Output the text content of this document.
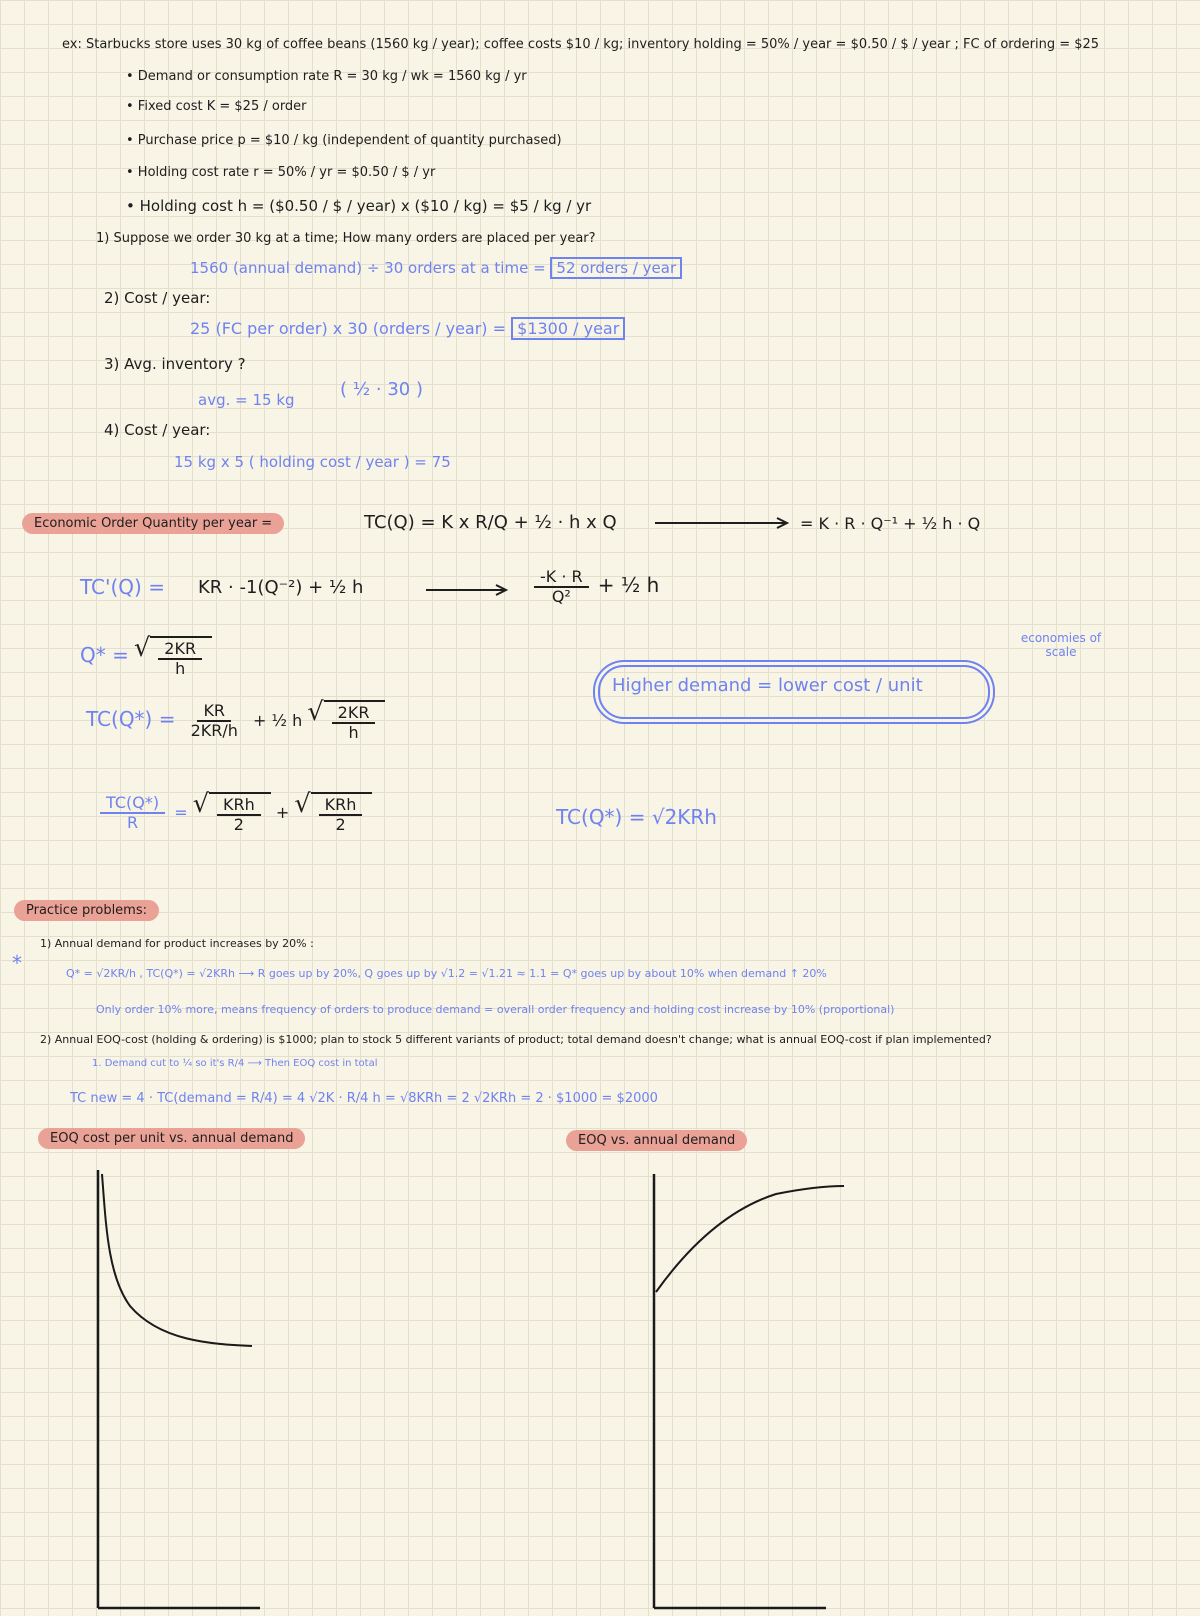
ex: Starbucks store uses 30 kg of coffee beans (1560 kg / year); coffee costs $10 / kg; inventory holding = 50% / year = $0.50 / $ / year ; FC of ordering = $25
• Demand or consumption rate R = 30 kg / wk = 1560 kg / yr
• Fixed cost K = $25 / order
• Purchase price p = $10 / kg (independent of quantity purchased)
• Holding cost rate r = 50% / yr = $0.50 / $ / yr
• Holding cost h = ($0.50 / $ / year) x ($10 / kg) = $5 / kg / yr
1) Suppose we order 30 kg at a time; How many orders are placed per year?
1560 (annual demand) ÷ 30 orders at a time = 52 orders / year
2) Cost / year:
25 (FC per order) x 30 (orders / year) = $1300 / year
3) Avg. inventory ?
avg. = 15 kg	( ½ · 30 )
4) Cost / year:
15 kg x 5 ( holding cost / year ) = 75
Economic Order Quantity per year =	TC(Q) = K x R/Q + ½ · h x Q	= K · R · Q⁻¹ + ½ h · Q
TC'(Q) = KR · -1(Q⁻²) + ½ h	$\frac{-K \cdot R}{\text{Q²}}$ + ½ h
Q* = √ $\frac{2KR}{h}$
$TC(Q*) = \frac{KR}{2KR/h}$ + ½ h √ $\frac{2KR}{h}$
$\frac{TC(Q*)}{R}$ = √ $\frac{\text{KRh}}{2}$ + √ $\frac{\text{KRh}}{2}$	TC(Q*) = √2KRh
Higher demand = lower cost / unit
economies of scale
Practice problems:
1) Annual demand for product increases by 20% :
*	Q* = √2KR/h , TC(Q*) = √2KRh ⟶ R goes up by 20%, Q goes up by √1.2 = √1.21 ≈ 1.1 = Q* goes up by about 10% when demand ↑ 20%
Only order 10% more, means frequency of orders to produce demand = overall order frequency and holding cost increase by 10% (proportional)
2) Annual EOQ-cost (holding & ordering) is $1000; plan to stock 5 different variants of product; total demand doesn't change; what is annual EOQ-cost if plan implemented?
1. Demand cut to ¼ so it's R/4 ⟶ Then EOQ cost in total
TC new = 4 · TC(demand = R/4) = 4 √2K · R/4 h = √8KRh = 2 √2KRh = 2 · $1000 = $2000
EOQ cost per unit vs. annual demand	EOQ vs. annual demand
